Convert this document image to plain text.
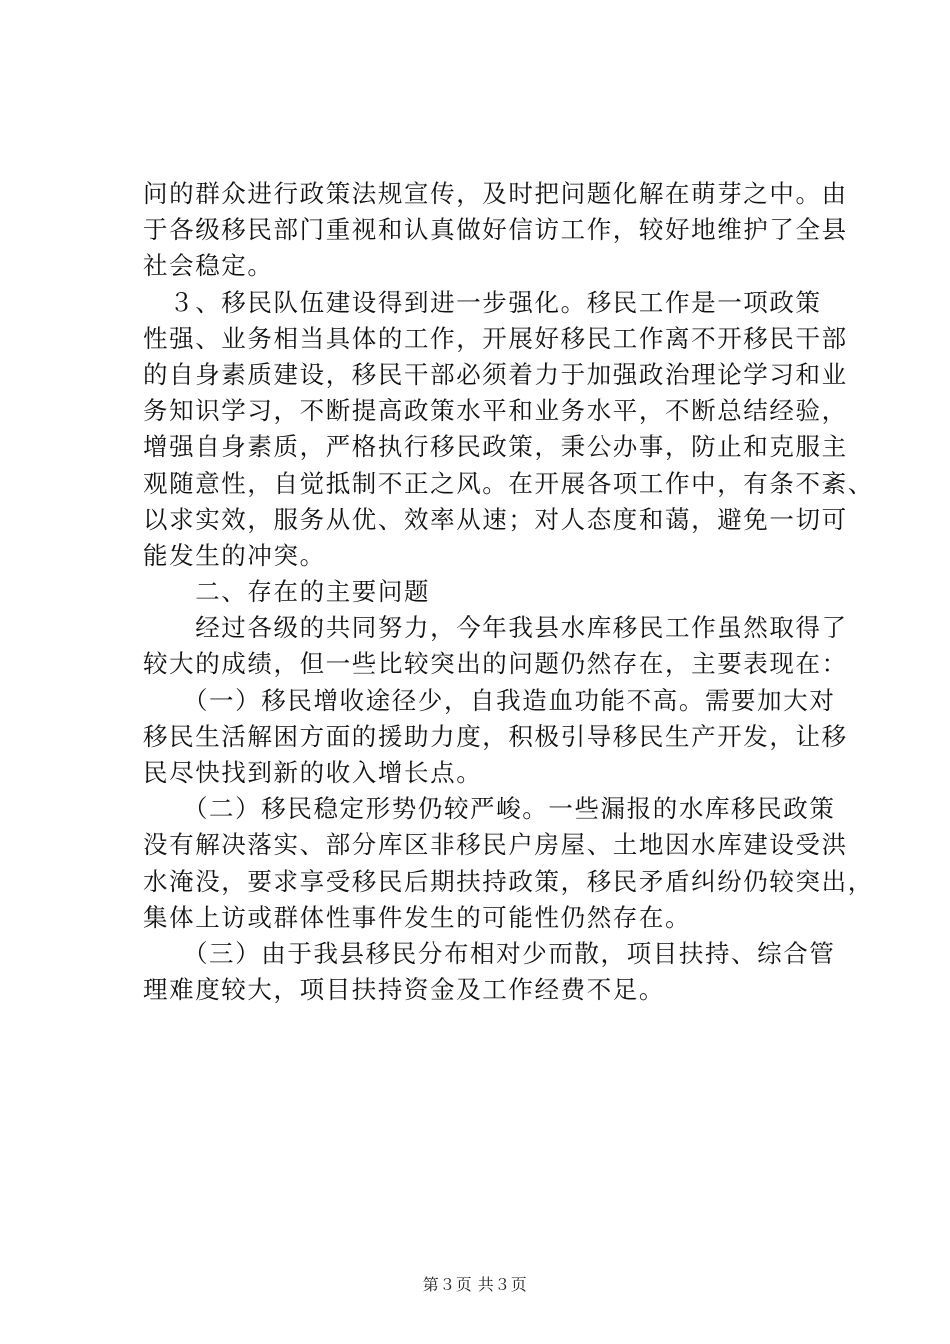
问的群众进行政策法规宣传，及时把问题化解在萌芽之中。由
于各级移民部门重视和认真做好信访工作，较好地维护了全县
社会稳定。
　３、移民队伍建设得到进一步强化。移民工作是一项政策
性强、业务相当具体的工作，开展好移民工作离不开移民干部
的自身素质建设，移民干部必须着力于加强政治理论学习和业
务知识学习，不断提高政策水平和业务水平，不断总结经验，
增强自身素质，严格执行移民政策，秉公办事，防止和克服主
观随意性，自觉抵制不正之风。在开展各项工作中，有条不紊、
以求实效，服务从优、效率从速；对人态度和蔼，避免一切可
能发生的冲突。
　　二、存在的主要问题
　　经过各级的共同努力，今年我县水库移民工作虽然取得了
较大的成绩，但一些比较突出的问题仍然存在，主要表现在：
　　（一）移民增收途径少，自我造血功能不高。需要加大对
移民生活解困方面的援助力度，积极引导移民生产开发，让移
民尽快找到新的收入增长点。
　　（二）移民稳定形势仍较严峻。一些漏报的水库移民政策
没有解决落实、部分库区非移民户房屋、土地因水库建设受洪
水淹没，要求享受移民后期扶持政策，移民矛盾纠纷仍较突出，
集体上访或群体性事件发生的可能性仍然存在。
　　（三）由于我县移民分布相对少而散，项目扶持、综合管
理难度较大，项目扶持资金及工作经费不足。
第３页 共３页
